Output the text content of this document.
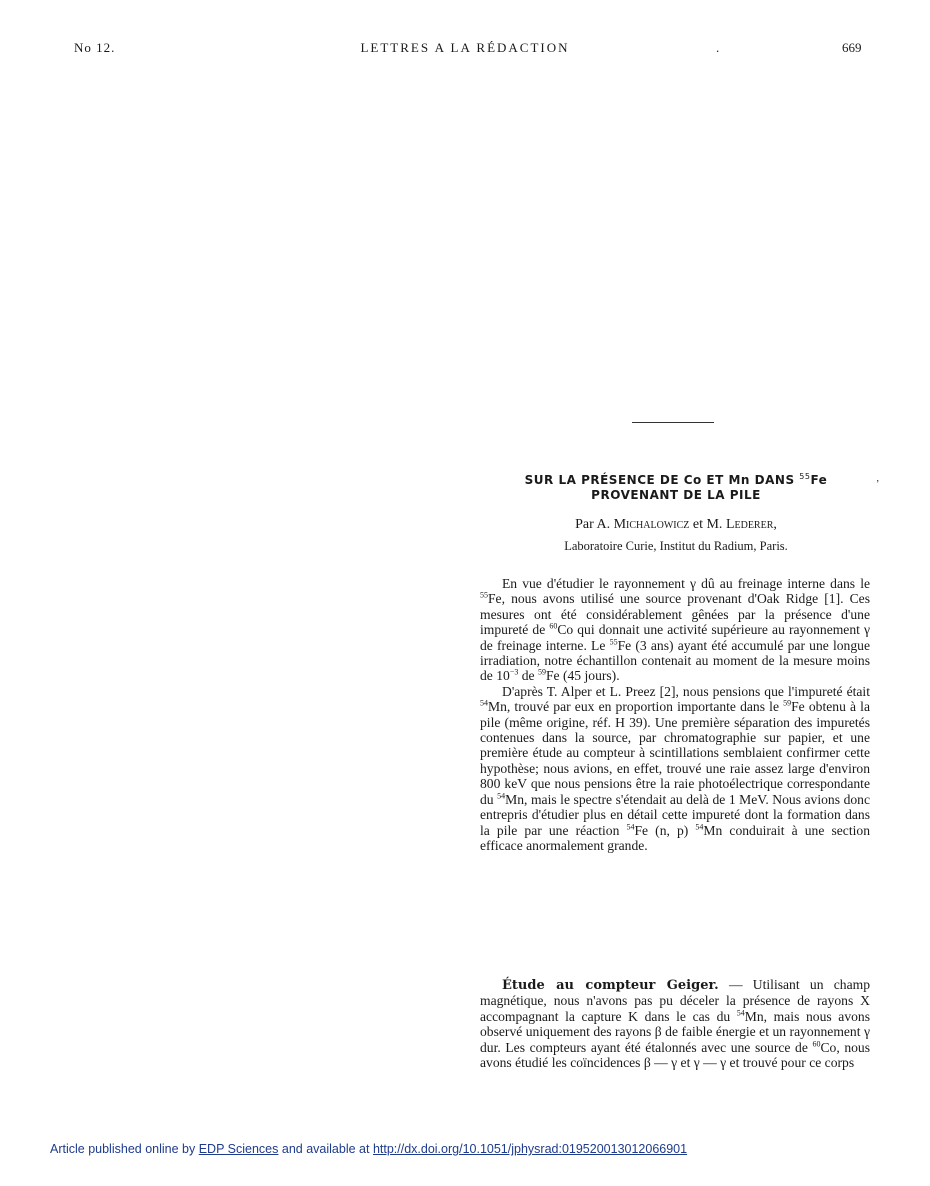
No 12.	LETTRES A LA RÉDACTION	.	669
SUR LA PRÉSENCE DE Co ET Mn DANS $^{55}$Fe
PROVENANT DE LA PILE
ʼ
Par A. Michalowicz et M. Lederer,
Laboratoire Curie, Institut du Radium, Paris.

En vue d'étudier le rayonnement γ dû au freinage interne dans le $^{55}$Fe, nous avons utilisé une source provenant d'Oak Ridge [1]. Ces mesures ont été considérablement gênées par la présence d'une impureté de $^{60}$Co qui donnait une activité supérieure au rayonnement γ de freinage interne. Le $^{55}$Fe (3 ans) ayant été accumulé par une longue irradiation, notre échantillon contenait au moment de la mesure moins de $10^{-3}$ de $^{59}$Fe (45 jours).

D'après T. Alper et L. Preez [2], nous pensions que l'impureté était $^{54}$Mn, trouvé par eux en proportion importante dans le $^{59}$Fe obtenu à la pile (même origine, réf. H 39). Une première séparation des impuretés contenues dans la source, par chromatographie sur papier, et une première étude au compteur à scintillations semblaient confirmer cette hypothèse; nous avions, en effet, trouvé une raie assez large d'environ 800 keV que nous pensions être la raie photoélectrique correspondante du $^{54}$Mn, mais le spectre s'étendait au delà de 1 MeV. Nous avions donc entrepris d'étudier plus en détail cette impureté dont la formation dans la pile par une réaction $^{54}$Fe (n, p) $^{54}$Mn conduirait à une section efficace anormalement grande.

Étude au compteur Geiger. — Utilisant un champ magnétique, nous n'avons pas pu déceler la présence de rayons X accompagnant la capture K dans le cas du $^{54}$Mn, mais nous avons observé uniquement des rayons β de faible énergie et un rayonnement γ dur. Les compteurs ayant été étalonnés avec une source de $^{60}$Co, nous avons étudié les coïncidences β — γ et γ — γ et trouvé pour ce corps

Article published online by EDP Sciences and available at http://dx.doi.org/10.1051/jphysrad:019520013012066901
